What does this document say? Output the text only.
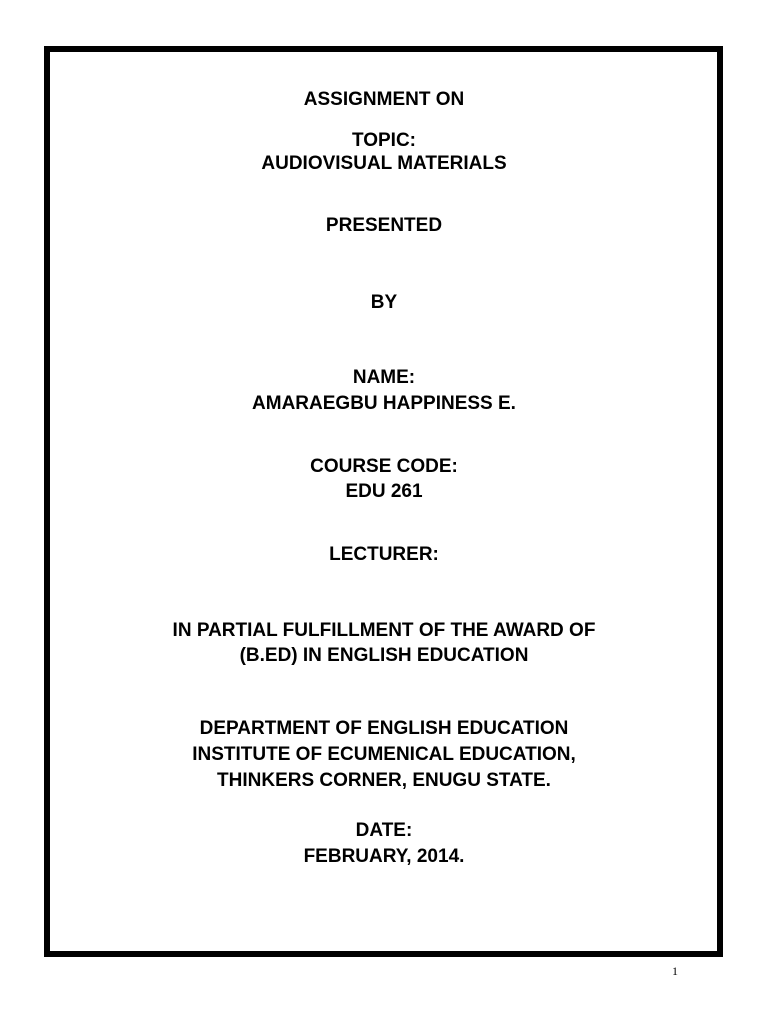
ASSIGNMENT ON
TOPIC:
AUDIOVISUAL MATERIALS
PRESENTED
BY
NAME:
AMARAEGBU HAPPINESS E.
COURSE CODE:
EDU 261
LECTURER:
IN PARTIAL FULFILLMENT OF THE AWARD OF
(B.ED) IN ENGLISH EDUCATION
DEPARTMENT OF ENGLISH EDUCATION
INSTITUTE OF ECUMENICAL EDUCATION,
THINKERS CORNER, ENUGU STATE.
DATE:
FEBRUARY, 2014.
1
